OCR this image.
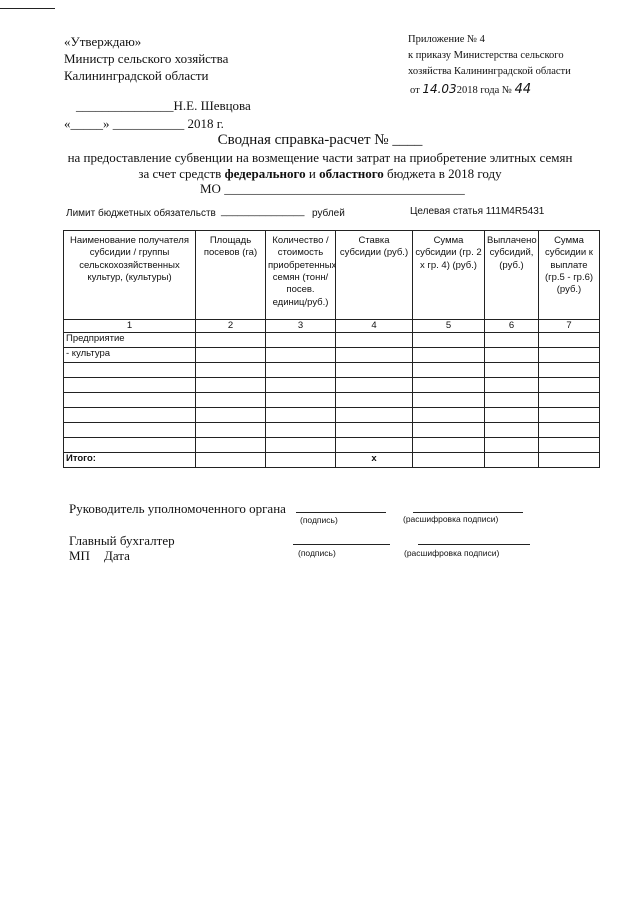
«Утверждаю»
Министр сельского хозяйства
Калининградской области
_______________Н.Е. Шевцова
«_____» ___________ 2018 г.
Приложение № 4
к приказу Министерства сельского
хозяйства Калининградской области
от 14.032018 года № 44
Сводная справка-расчет № ____
на предоставление субвенции на возмещение части затрат на приобретение элитных семян
за счет средств федерального и областного бюджета в 2018 году
МО _____________________________________
Лимит бюджетных обязательств _______________ рублей	Целевая статья 111М4R5431
Наименование получателя субсидии / группы сельскохозяйственных культур, (культуры)	Площадь посевов (га)	Количество / стоимость приобретенных семян (тонн/посев. единиц/руб.)	Ставка субсидии (руб.)	Сумма субсидии (гр. 2 х гр. 4) (руб.)	Выплачено субсидий, (руб.)	Сумма субсидии к выплате (гр.5 - гр.6) (руб.)
1	2	3	4	5	6	7
Предприятие						
- культура						

Итого:			х			
Руководитель уполномоченного органа
(подпись)	(расшифровка подписи)
Главный бухгалтер
МП Дата	(подпись)	(расшифровка подписи)
